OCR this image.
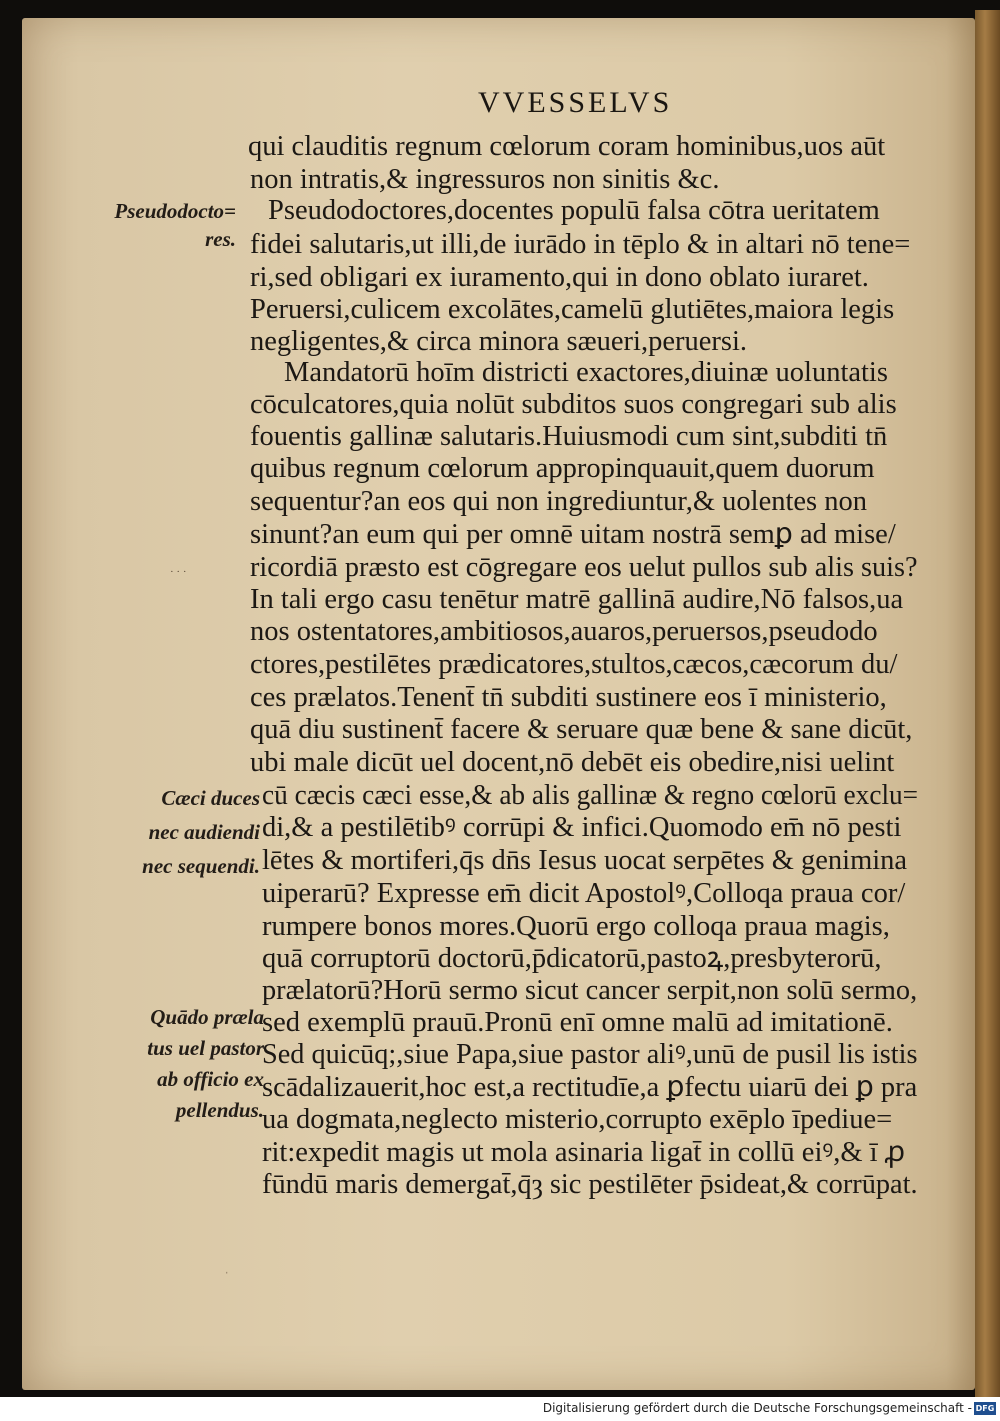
VVESSELVS
qui clauditis regnum cœlorum coram hominibus,uos aūt
non intratis,& ingressuros non sinitis &c.
Pseudodoctores,docentes populū falsa cōtra ueritatem
fidei salutaris,ut illi,de iurādo in tēplo & in altari nō tene=
ri,sed obligari ex iuramento,qui in dono oblato iuraret.
Peruersi,culicem excolātes,camelū glutiētes,maiora legis
negligentes,& circa minora sæueri,peruersi.
Mandatorū hoīm districti exactores,diuinæ uoluntatis
cōculcatores,quia nolūt subditos suos congregari sub alis
fouentis gallinæ salutaris.Huiusmodi cum sint,subditi tn̄
quibus regnum cœlorum appropinquauit,quem duorum
sequentur?an eos qui non ingrediuntur,& uolentes non
sinunt?an eum qui per omnē uitam nostrā semꝑ ad mise/
ricordiā præsto est cōgregare eos uelut pullos sub alis suis?
In tali ergo casu tenētur matrē gallinā audire,Nō falsos,ua
nos ostentatores,ambitiosos,auaros,peruersos,pseudodo
ctores,pestilētes prædicatores,stultos,cæcos,cæcorum du/
ces prælatos.Tenent̄ tn̄ subditi sustinere eos ī ministerio,
quā diu sustinent̄ facere & seruare quæ bene & sane dicūt,
ubi male dicūt uel docent,nō debēt eis obedire,nisi uelint
cū cæcis cæci esse,& ab alis gallinæ & regno cœlorū exclu=
di,& a pestilētibꝰ corrūpi & infici.Quomodo em̄ nō pesti
lētes & mortiferi,q̄s dn̄s Iesus uocat serpētes & genimina
uiperarū? Expresse em̄ dicit Apostolꝰ,Colloqa praua cor/
rumpere bonos mores.Quorū ergo colloqa praua magis,
quā corruptorū doctorū,p̄dicatorū,pastoꝝ,presbyterorū,
prælatorū?Horū sermo sicut cancer serpit,non solū sermo,
sed exemplū prauū.Pronū enī omne malū ad imitationē.
Sed quicūq;,siue Papa,siue pastor aliꝰ,unū de pusil lis istis
scādalizauerit,hoc est,a rectitudīe,a ꝑfectu uiarū dei ꝑ pra
ua dogmata,neglecto misterio,corrupto exēplo īpediue=
rit:expedit magis ut mola asinaria ligat̄ in collū eiꝰ,& ī ꝓ
fūndū maris demergat̄,q̄ȝ sic pestilēter p̄sideat,& corrūpat.
Pseudodocto=
res.
Cæci duces
nec audiendi
nec sequendi.
Quādo præla
tus uel pastor
ab officio ex
pellendus.
· · ·
ˈ
Digitalisierung gefördert durch die Deutsche Forschungsgemeinschaft - DFG
